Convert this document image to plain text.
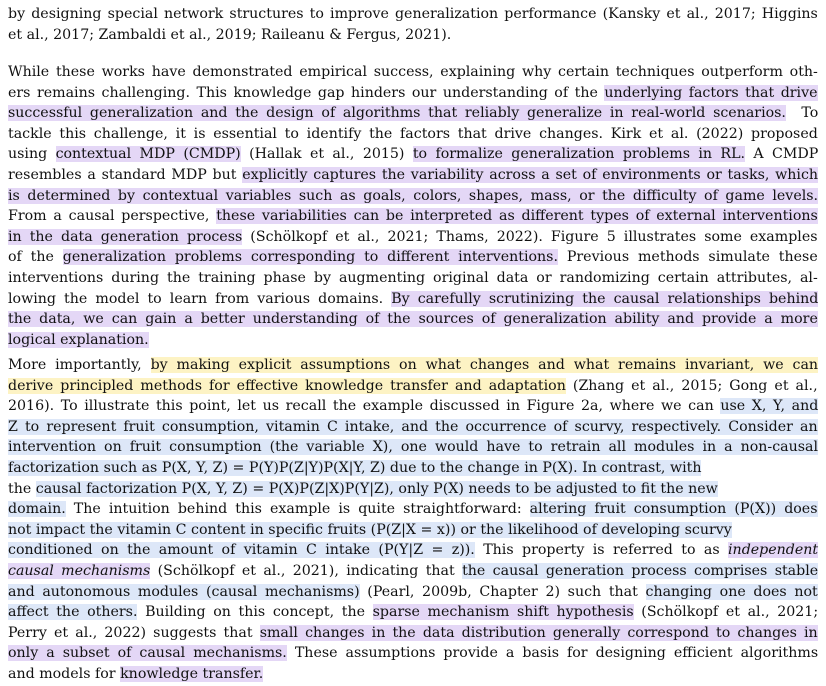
by designing special network structures to improve generalization performance (Kansky et al., 2017; Higgins
et al., 2017; Zambaldi et al., 2019; Raileanu & Fergus, 2021).
While these works have demonstrated empirical success, explaining why certain techniques outperform oth-
ers remains challenging. This knowledge gap hinders our understanding of the underlying factors that drive
successful generalization and the design of algorithms that reliably generalize in real-world scenarios.  To
tackle this challenge, it is essential to identify the factors that drive changes. Kirk et al. (2022) proposed
using contextual MDP (CMDP) (Hallak et al., 2015) to formalize generalization problems in RL. A CMDP
resembles a standard MDP but explicitly captures the variability across a set of environments or tasks, which
is determined by contextual variables such as goals, colors, shapes, mass, or the difficulty of game levels.
From a causal perspective, these variabilities can be interpreted as different types of external interventions
in the data generation process (Schölkopf et al., 2021; Thams, 2022). Figure 5 illustrates some examples
of the generalization problems corresponding to different interventions. Previous methods simulate these
interventions during the training phase by augmenting original data or randomizing certain attributes, al-
lowing the model to learn from various domains. By carefully scrutinizing the causal relationships behind
the data, we can gain a better understanding of the sources of generalization ability and provide a more
logical explanation.
More importantly, by making explicit assumptions on what changes and what remains invariant, we can
derive principled methods for effective knowledge transfer and adaptation (Zhang et al., 2015; Gong et al.,
2016). To illustrate this point, let us recall the example discussed in Figure 2a, where we can use X, Y, and
Z to represent fruit consumption, vitamin C intake, and the occurrence of scurvy, respectively. Consider an
intervention on fruit consumption (the variable X), one would have to retrain all modules in a non-causal
factorization such as P(X, Y, Z) = P(Y)P(Z|Y)P(X|Y, Z) due to the change in P(X). In contrast, with
the causal factorization P(X, Y, Z) = P(X)P(Z|X)P(Y|Z), only P(X) needs to be adjusted to fit the new
domain. The intuition behind this example is quite straightforward: altering fruit consumption (P(X)) does
not impact the vitamin C content in specific fruits (P(Z|X = x)) or the likelihood of developing scurvy
conditioned on the amount of vitamin C intake (P(Y|Z = z)). This property is referred to as independent
causal mechanisms (Schölkopf et al., 2021), indicating that the causal generation process comprises stable
and autonomous modules (causal mechanisms) (Pearl, 2009b, Chapter 2) such that changing one does not
affect the others. Building on this concept, the sparse mechanism shift hypothesis (Schölkopf et al., 2021;
Perry et al., 2022) suggests that small changes in the data distribution generally correspond to changes in
only a subset of causal mechanisms. These assumptions provide a basis for designing efficient algorithms
and models for knowledge transfer.
